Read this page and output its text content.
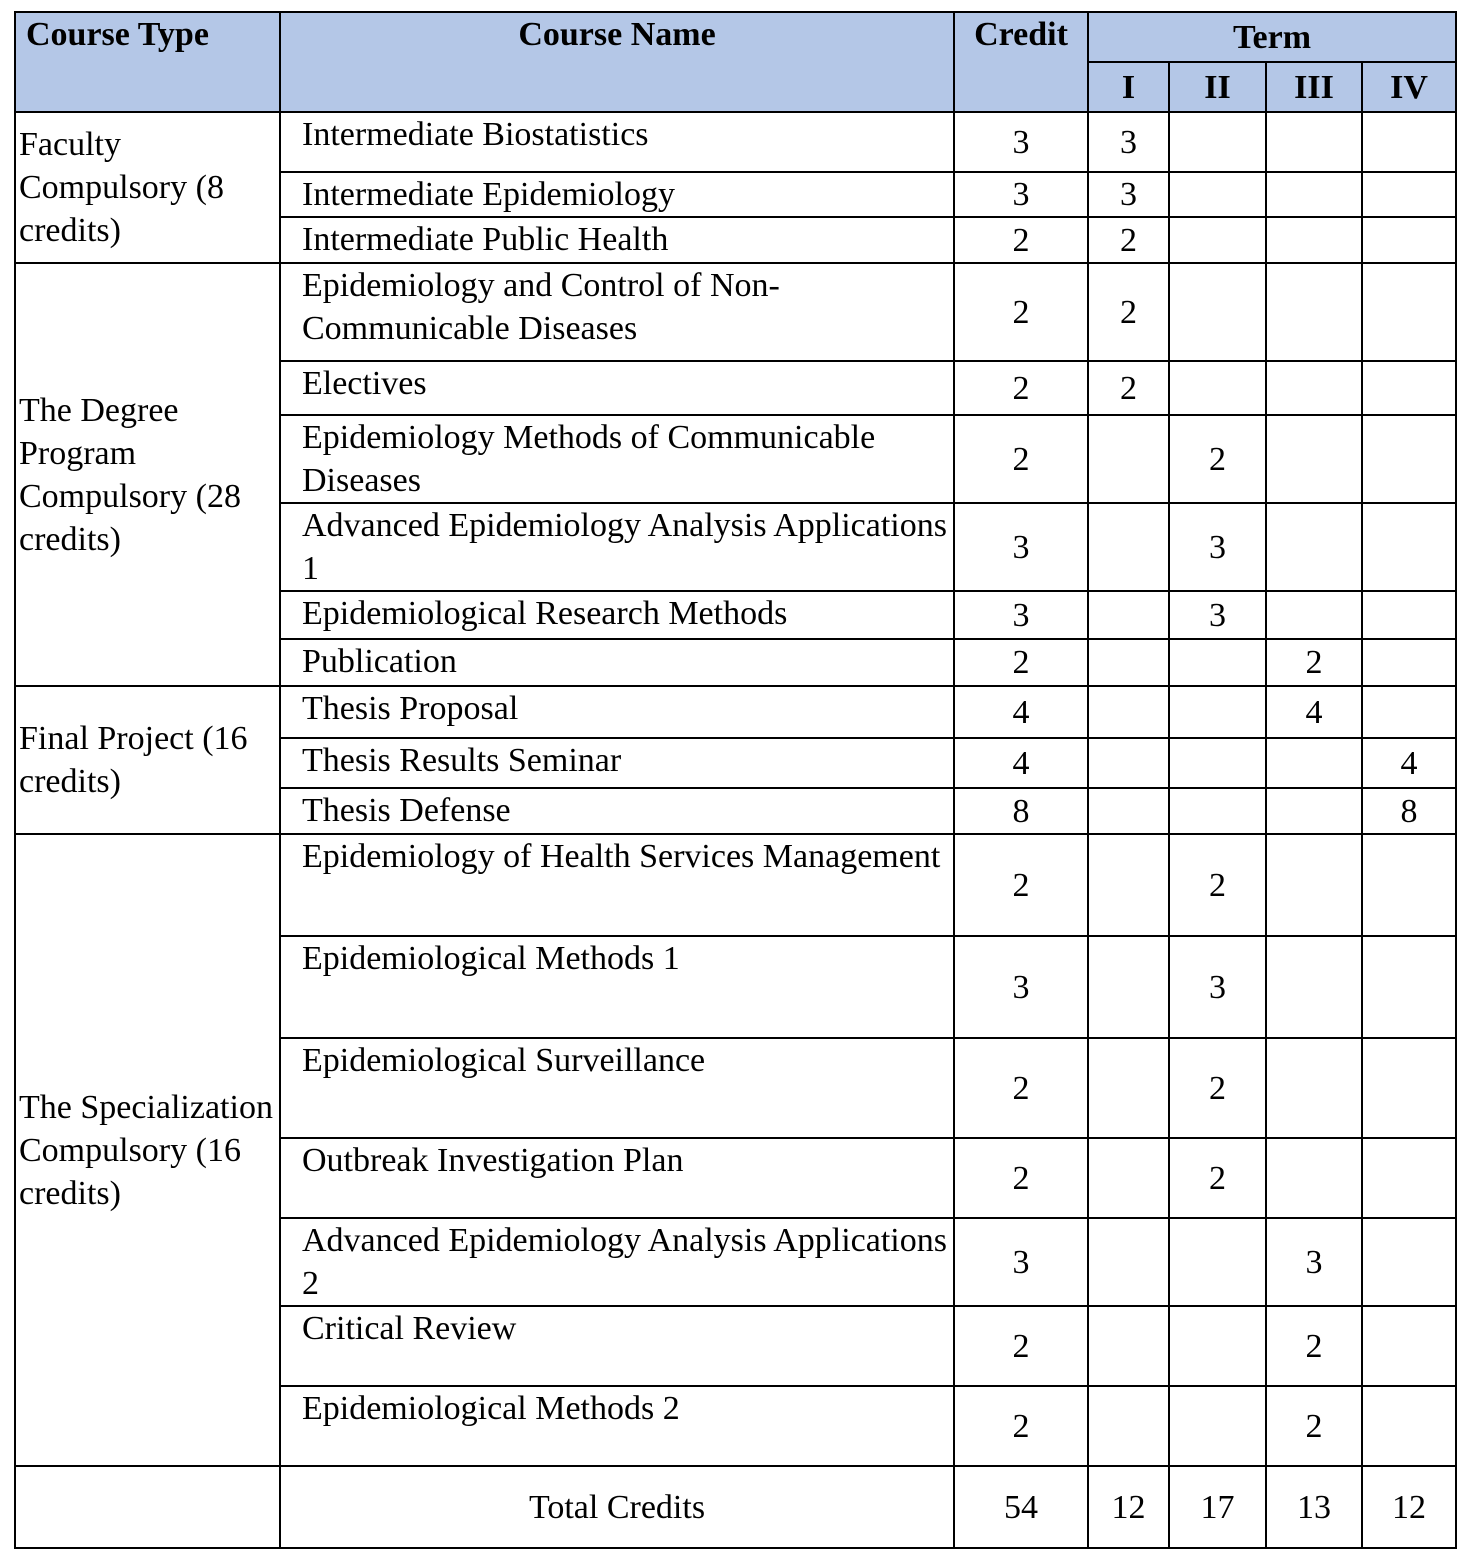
Course Type	Course Name	Credit	Term			
			I	II	III	IV
Faculty Compulsory (8 credits)	Intermediate Biostatistics	3	3			
	Intermediate Epidemiology	3	3			
	Intermediate Public Health	2	2			
The Degree Program Compulsory (28 credits)	Epidemiology and Control of Non-Communicable Diseases	2	2			
	Electives	2	2			
	Epidemiology Methods of Communicable Diseases	2		2		
	Advanced Epidemiology Analysis Applications 1	3		3		
	Epidemiological Research Methods	3		3		
	Publication	2			2	
Final Project (16 credits)	Thesis Proposal	4			4	
	Thesis Results Seminar	4				4
	Thesis Defense	8				8
The Specialization Compulsory (16 credits)	Epidemiology of Health Services Management	2		2		
	Epidemiological Methods 1	3		3		
	Epidemiological Surveillance	2		2		
	Outbreak Investigation Plan	2		2		
	Advanced Epidemiology Analysis Applications 2	3			3	
	Critical Review	2			2	
	Epidemiological Methods 2	2			2	
	Total Credits	54	12	17	13	12
